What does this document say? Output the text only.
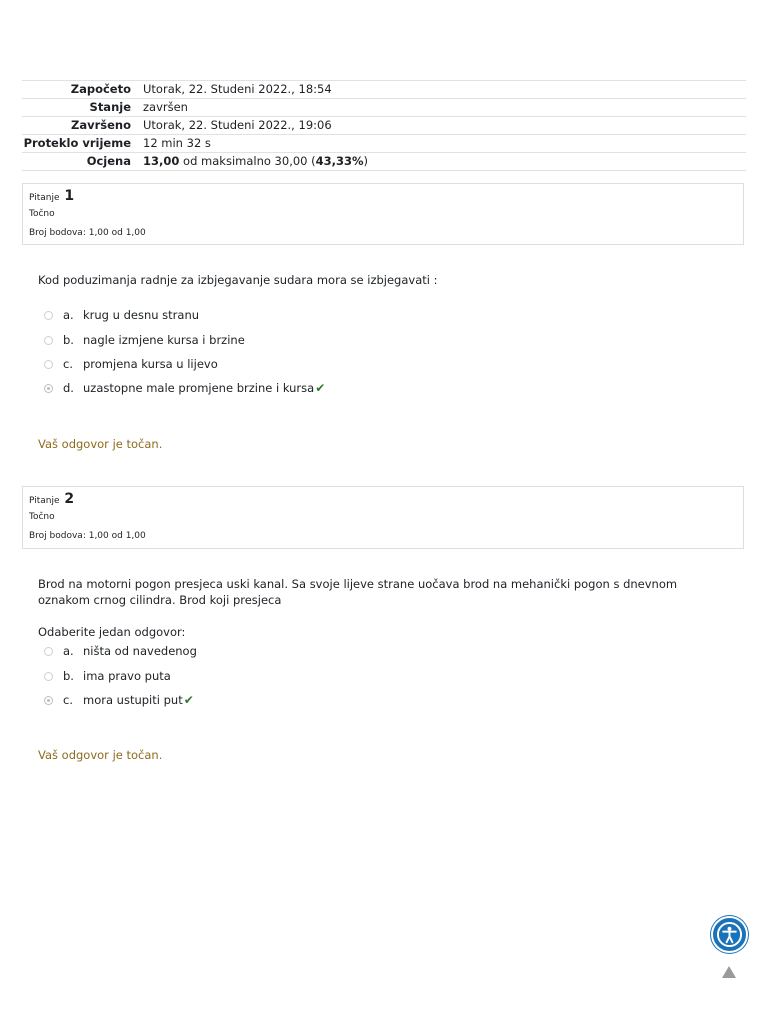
Započeto	Utorak, 22. Studeni 2022., 18:54
Stanje	završen
Završeno	Utorak, 22. Studeni 2022., 19:06
Proteklo vrijeme	12 min 32 s
Ocjena	13,00 od maksimalno 30,00 (43,33%)
Pitanje 1
Točno
Broj bodova: 1,00 od 1,00
Kod poduzimanja radnje za izbjegavanje sudara mora se izbjegavati :
a. krug u desnu stranu
b. nagle izmjene kursa i brzine
c. promjena kursa u lijevo
d. uzastopne male promjene brzine i kursa ✔
Vaš odgovor je točan.
Pitanje 2
Točno
Broj bodova: 1,00 od 1,00
Brod na motorni pogon presjeca uski kanal. Sa svoje lijeve strane uočava brod na mehanički pogon s dnevnom oznakom crnog cilindra. Brod koji presjeca
Odaberite jedan odgovor:
a. ništa od navedenog
b. ima pravo puta
c. mora ustupiti put ✔
Vaš odgovor je točan.
